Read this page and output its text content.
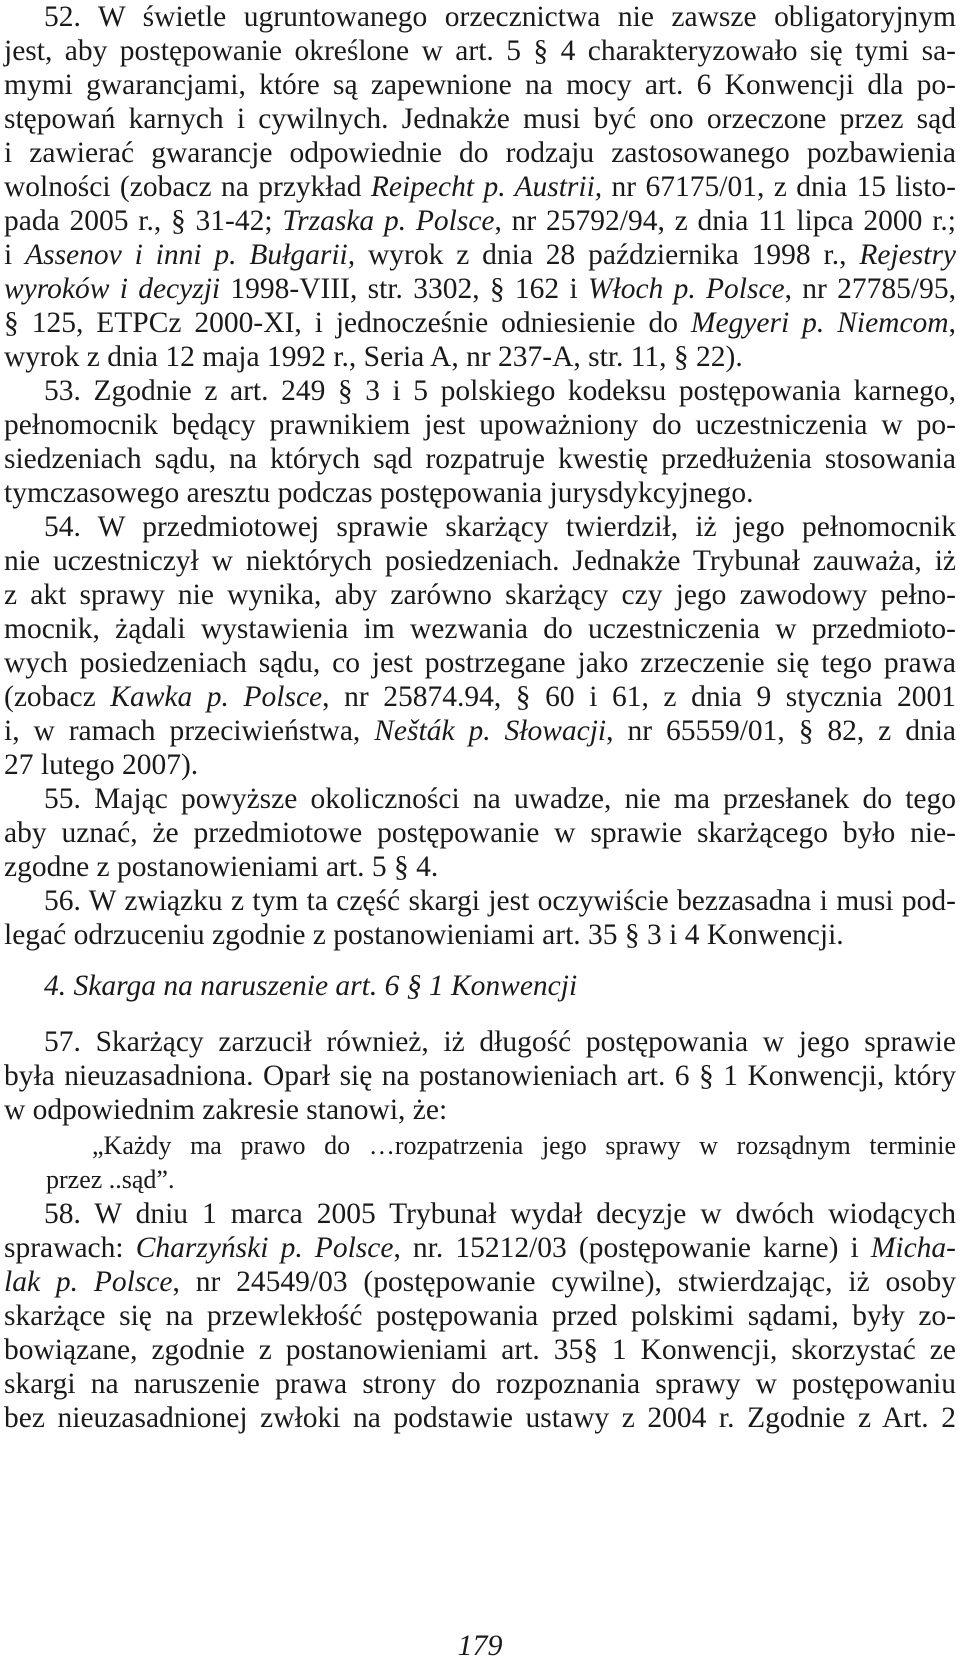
52. W świetle ugruntowanego orzecznictwa nie zawsze obligatoryjnym
jest, aby postępowanie określone w art. 5 § 4 charakteryzowało się tymi sa-
mymi gwarancjami, które są zapewnione na mocy art. 6 Konwencji dla po-
stępowań karnych i cywilnych. Jednakże musi być ono orzeczone przez sąd
i zawierać gwarancje odpowiednie do rodzaju zastosowanego pozbawienia
wolności (zobacz na przykład Reipecht p. Austrii, nr 67175/01, z dnia 15 listo-
pada 2005 r., § 31-42; Trzaska p. Polsce, nr 25792/94, z dnia 11 lipca 2000 r.;
i Assenov i inni p. Bułgarii, wyrok z dnia 28 października 1998 r., Rejestry
wyroków i decyzji 1998-VIII, str. 3302, § 162 i Włoch p. Polsce, nr 27785/95,
§ 125, ETPCz 2000-XI, i jednocześnie odniesienie do Megyeri p. Niemcom,
wyrok z dnia 12 maja 1992 r., Seria A, nr 237-A, str. 11, § 22).
53. Zgodnie z art. 249 § 3 i 5 polskiego kodeksu postępowania karnego,
pełnomocnik będący prawnikiem jest upoważniony do uczestniczenia w po-
siedzeniach sądu, na których sąd rozpatruje kwestię przedłużenia stosowania
tymczasowego aresztu podczas postępowania jurysdykcyjnego.
54. W przedmiotowej sprawie skarżący twierdził, iż jego pełnomocnik
nie uczestniczył w niektórych posiedzeniach. Jednakże Trybunał zauważa, iż
z akt sprawy nie wynika, aby zarówno skarżący czy jego zawodowy pełno-
mocnik, żądali wystawienia im wezwania do uczestniczenia w przedmioto-
wych posiedzeniach sądu, co jest postrzegane jako zrzeczenie się tego prawa
(zobacz Kawka p. Polsce, nr 25874.94, § 60 i 61, z dnia 9 stycznia 2001
i, w ramach przeciwieństwa, Nešták p. Słowacji, nr 65559/01, § 82, z dnia
27 lutego 2007).
55. Mając powyższe okoliczności na uwadze, nie ma przesłanek do tego
aby uznać, że przedmiotowe postępowanie w sprawie skarżącego było nie-
zgodne z postanowieniami art. 5 § 4.
56. W związku z tym ta część skargi jest oczywiście bezzasadna i musi pod-
legać odrzuceniu zgodnie z postanowieniami art. 35 § 3 i 4 Konwencji.
4. Skarga na naruszenie art. 6 § 1 Konwencji
57. Skarżący zarzucił również, iż długość postępowania w jego sprawie
była nieuzasadniona. Oparł się na postanowieniach art. 6 § 1 Konwencji, który
w odpowiednim zakresie stanowi, że:
„Każdy ma prawo do …rozpatrzenia jego sprawy w rozsądnym terminie
przez ..sąd”.
58. W dniu 1 marca 2005 Trybunał wydał decyzje w dwóch wiodących
sprawach: Charzyński p. Polsce, nr. 15212/03 (postępowanie karne) i Micha-
lak p. Polsce, nr 24549/03 (postępowanie cywilne), stwierdzając, iż osoby
skarżące się na przewlekłość postępowania przed polskimi sądami, były zo-
bowiązane, zgodnie z postanowieniami art. 35§ 1 Konwencji, skorzystać ze
skargi na naruszenie prawa strony do rozpoznania sprawy w postępowaniu
bez nieuzasadnionej zwłoki na podstawie ustawy z 2004 r. Zgodnie z Art. 2
179
